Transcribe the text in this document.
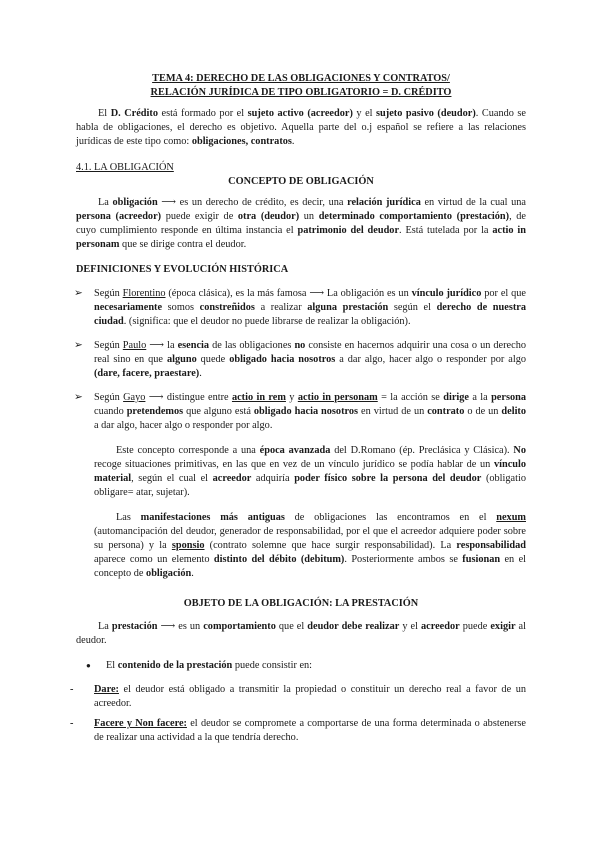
TEMA 4: DERECHO DE LAS OBLIGACIONES Y CONTRATOS/
RELACIÓN JURÍDICA DE TIPO OBLIGATORIO = D. CRÉDITO

El D. Crédito está formado por el sujeto activo (acreedor) y el sujeto pasivo (deudor). Cuando se habla de obligaciones, el derecho es objetivo. Aquella parte del o.j español se refiere a las relaciones jurídicas de este tipo como: obligaciones, contratos.

4.1. LA OBLIGACIÓN
CONCEPTO DE OBLIGACIÓN

La obligación ⟶ es un derecho de crédito, es decir, una relación jurídica en virtud de la cual una persona (acreedor) puede exigir de otra (deudor) un determinado comportamiento (prestación), de cuyo cumplimiento responde en última instancia el patrimonio del deudor. Está tutelada por la actio in personam que se dirige contra el deudor.

DEFINICIONES Y EVOLUCIÓN HISTÓRICA
➢ Según Florentino (época clásica), es la más famosa ⟶ La obligación es un vínculo jurídico por el que necesariamente somos constreñidos a realizar alguna prestación según el derecho de nuestra ciudad. (significa: que el deudor no puede librarse de realizar la obligación).
➢ Según Paulo ⟶ la esencia de las obligaciones no consiste en hacernos adquirir una cosa o un derecho real sino en que alguno quede obligado hacia nosotros a dar algo, hacer algo o responder por algo (dare, facere, praestare).
➢ Según Gayo ⟶ distingue entre actio in rem y actio in personam = la acción se dirige a la persona cuando pretendemos que alguno está obligado hacia nosotros en virtud de un contrato o de un delito a dar algo, hacer algo o responder por algo.

Este concepto corresponde a una época avanzada del D.Romano (ép. Preclásica y Clásica). No recoge situaciones primitivas, en las que en vez de un vínculo jurídico se podía hablar de un vínculo material, según el cual el acreedor adquiría poder físico sobre la persona del deudor (obligatio obligare= atar, sujetar).

Las manifestaciones más antiguas de obligaciones las encontramos en el nexum (automancipación del deudor, generador de responsabilidad, por el que el acreedor adquiere poder sobre su persona) y la sponsio (contrato solemne que hace surgir responsabilidad). La responsabilidad aparece como un elemento distinto del débito (debitum). Posteriormente ambos se fusionan en el concepto de obligación.

OBJETO DE LA OBLIGACIÓN: LA PRESTACIÓN

La prestación ⟶ es un comportamiento que el deudor debe realizar y el acreedor puede exigir al deudor.

● El contenido de la prestación puede consistir en:
- Dare: el deudor está obligado a transmitir la propiedad o constituir un derecho real a favor de un acreedor.
- Facere y Non facere: el deudor se compromete a comportarse de una forma determinada o abstenerse de realizar una actividad a la que tendría derecho.
